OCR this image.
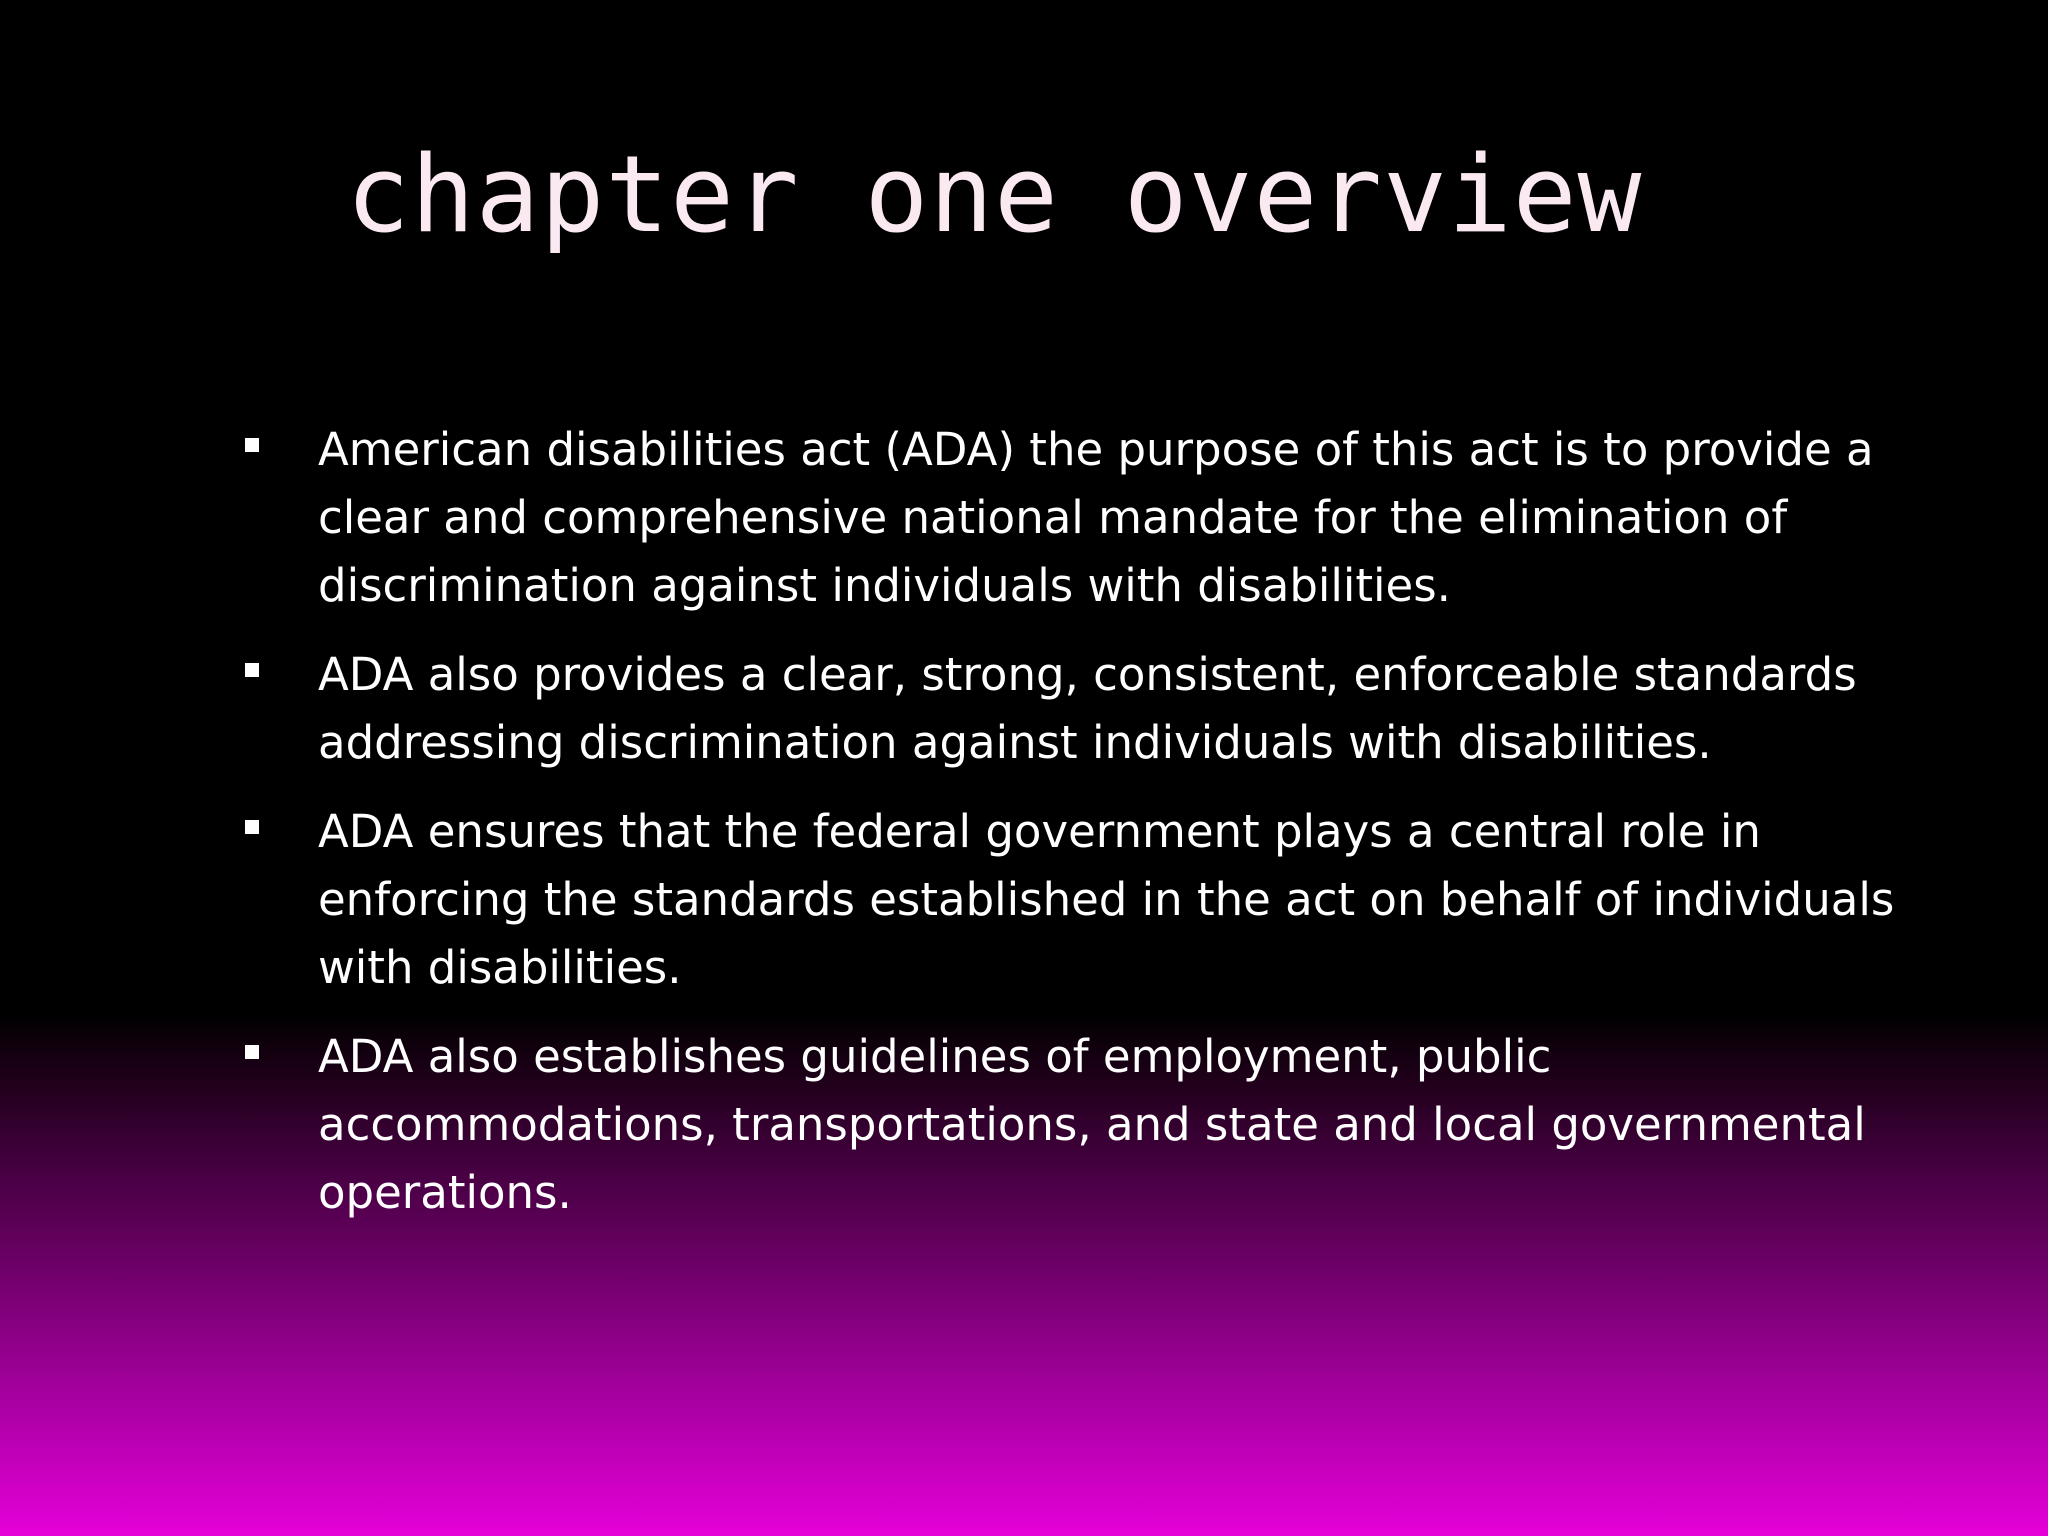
chapter one overview
American disabilities act (ADA) the purpose of this act is to provide a clear and comprehensive national mandate for the elimination of discrimination against individuals with disabilities.
ADA also provides a clear, strong, consistent, enforceable standards addressing discrimination against individuals with disabilities.
ADA ensures that the federal government plays a central role in enforcing the standards established in the act on behalf of individuals with disabilities.
ADA also establishes guidelines of employment, public accommodations, transportations, and state and local governmental operations.
